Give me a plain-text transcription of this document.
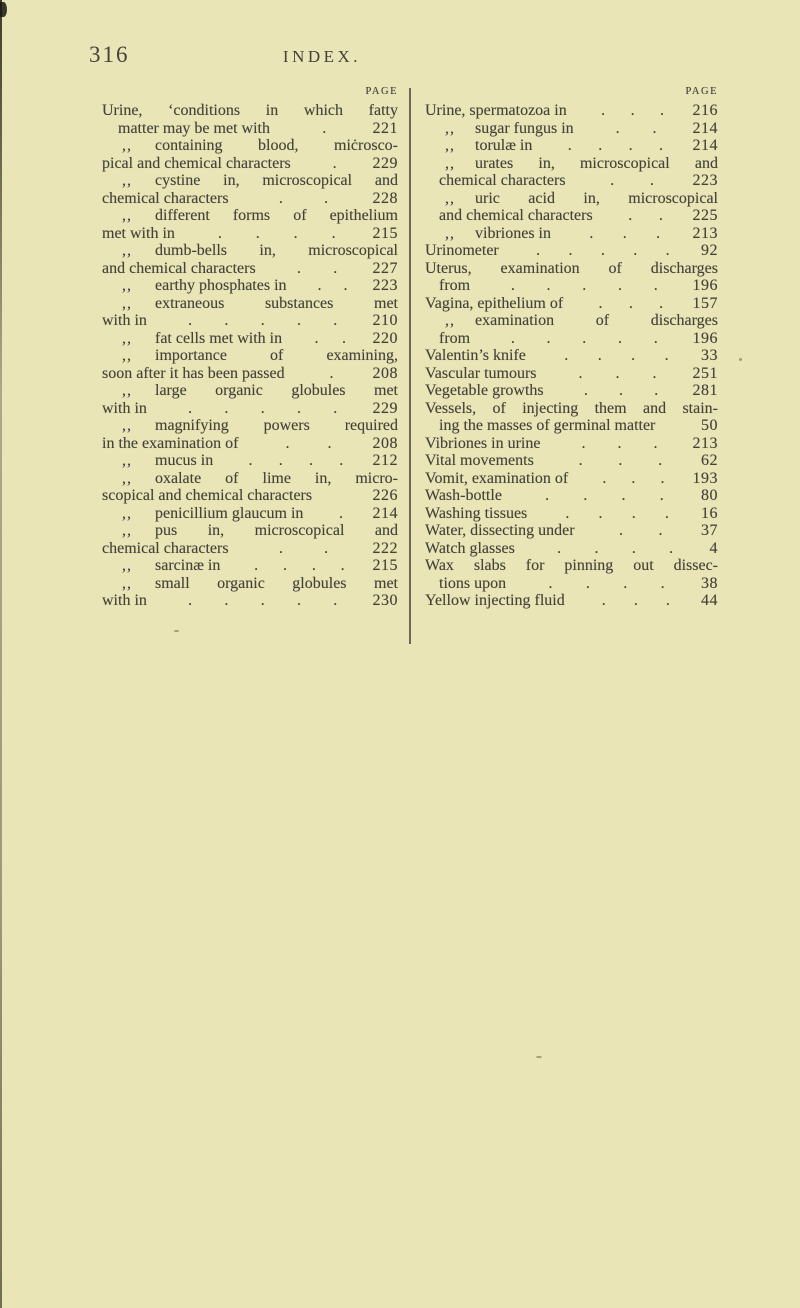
316	INDEX.
PAGE
Urine, ʻconditions in which fatty
matter may be met with	.	221
,,	containing blood, miċrosco-
pical and chemical characters	. 229
,,	cystine in, microscopical and
chemical characters	.	.	228
,,	different forms of epithelium
met with in	. . . . 215
,,	dumb-bells in, microscopical
and chemical characters	. . 227
,,	earthy phosphates in . . 223
,,	extraneous substances met
with in	. . . . . 210
,,	fat cells met with in . . 220
,,	importance of examining,
soon after it has been passed	. 208
,,	large organic globules met
with in	. . . . . 229
,,	magnifying powers required
in the examination of	. .	208
,,	mucus in . . . . 212
,,	oxalate of lime in, micro-
scopical and chemical characters	226
,,	penicillium glaucum in . 214
,,	pus in, microscopical and
chemical characters	.	.	222
,,	sarcinæ in . . . . 215
,,	small organic globules met
with in	. . . . . 230
PAGE
Urine, spermatozoa in . . . 216
,,	sugar fungus in	. . 214
,,	torulæ in . . . . 214
,,	urates in, microscopical and
chemical characters	. . 223
,,	uric acid in, microscopical
and chemical characters . . 225
,,	vibriones in . . . 213
Urinometer . . . . . 92
Uterus, examination of discharges
from	. . . . . 196
Vagina, epithelium of . . . 157
,,	examination of discharges
from	. . . . . 196
Valentin’s knife . . . . 33
Vascular tumours	. . . 251
Vegetable growths	. . . 281
Vessels, of injecting them and stain-
ing the masses of germinal matter	50
Vibriones in urine	. . . 213
Vital movements	. . . 62
Vomit, examination of . . . 193
Wash-bottle	. . . . 80
Washing tissues . . . . 16
Water, dissecting under	. . 37
Watch glasses	. . . . 4
Wax slabs for pinning out dissec-
tions upon	. . . . 38
Yellow injecting fluid . . . 44
